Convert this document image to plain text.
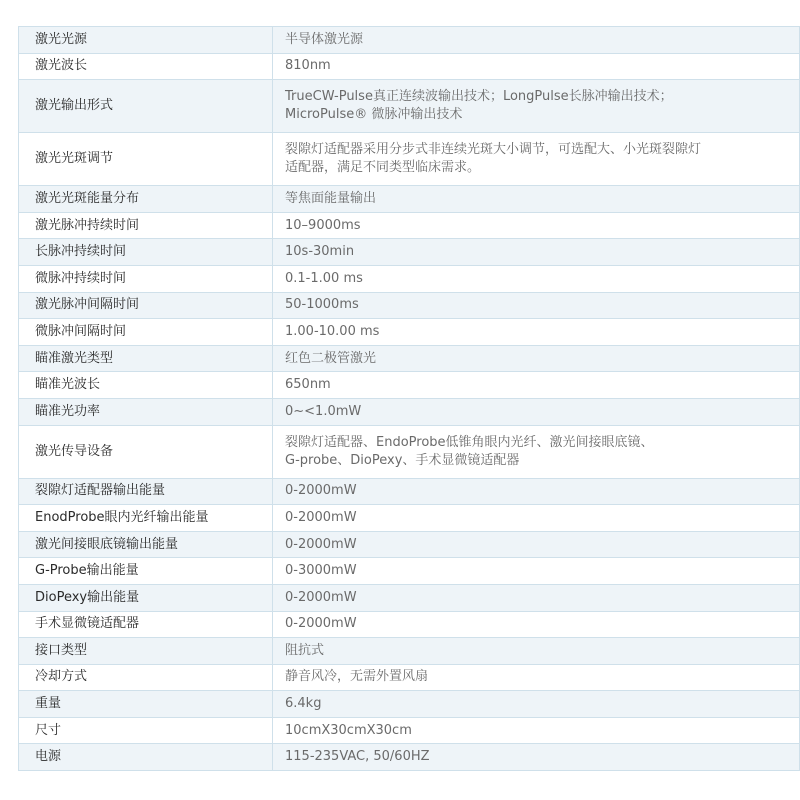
激光光源	半导体激光源

激光波长	810nm

激光输出形式	TrueCW-Pulse真正连续波输出技术；LongPulse长脉冲输出技术；
MicroPulse® 微脉冲输出技术

激光光斑调节	裂隙灯适配器采用分步式非连续光斑大小调节，可选配大、小光斑裂隙灯
适配器，满足不同类型临床需求。

激光光斑能量分布	等焦面能量输出

激光脉冲持续时间	10–9000ms

长脉冲持续时间	10s-30min

微脉冲持续时间	0.1-1.00 ms

激光脉冲间隔时间	50-1000ms

微脉冲间隔时间	1.00-10.00 ms

瞄准激光类型	红色二极管激光

瞄准光波长	650nm

瞄准光功率	0~<1.0mW

激光传导设备	裂隙灯适配器、EndoProbe低锥角眼内光纤、激光间接眼底镜、
G-probe、DioPexy、手术显微镜适配器

裂隙灯适配器输出能量	0-2000mW

EnodProbe眼内光纤输出能量	0-2000mW

激光间接眼底镜输出能量	0-2000mW

G-Probe输出能量	0-3000mW

DioPexy输出能量	0-2000mW

手术显微镜适配器	0-2000mW

接口类型	阻抗式

冷却方式	静音风冷，无需外置风扇

重量	6.4kg

尺寸	10cmX30cmX30cm

电源	115-235VAC, 50/60HZ
